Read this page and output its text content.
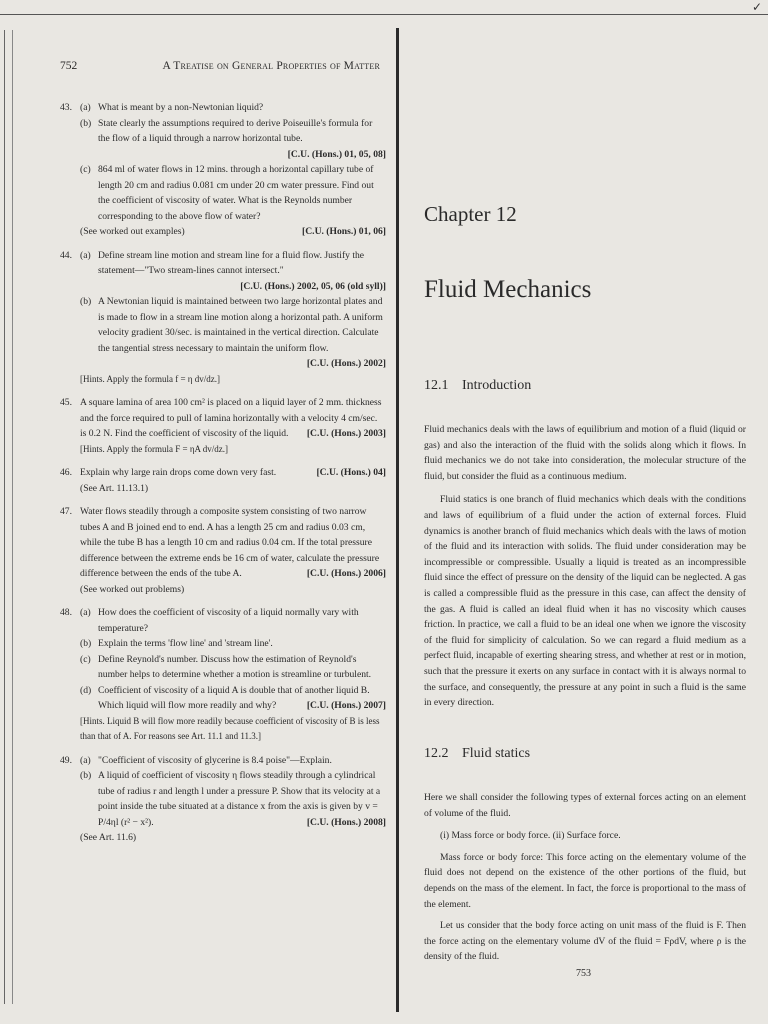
✓
752	A Treatise on General Properties of Matter
43. (a) What is meant by a non-Newtonian liquid?
(b) State clearly the assumptions required to derive Poiseuille's formula for the flow of a liquid through a narrow horizontal tube.
[C.U. (Hons.) 01, 05, 08]
(c) 864 ml of water flows in 12 mins. through a horizontal capillary tube of length 20 cm and radius 0.081 cm under 20 cm water pressure. Find out the coefficient of viscosity of water. What is the Reynolds number corresponding to the above flow of water?
(See worked out examples)	[C.U. (Hons.) 01, 06]
44. (a) Define stream line motion and stream line for a fluid flow. Justify the statement—"Two stream-lines cannot intersect."
[C.U. (Hons.) 2002, 05, 06 (old syll)]
(b) A Newtonian liquid is maintained between two large horizontal plates and is made to flow in a stream line motion along a horizontal path. A uniform velocity gradient 30/sec. is maintained in the vertical direction. Calculate the tangential stress necessary to maintain the uniform flow.
[C.U. (Hons.) 2002]
[Hints. Apply the formula f = η dv/dz.]
45. A square lamina of area 100 cm² is placed on a liquid layer of 2 mm. thickness and the force required to pull of lamina horizontally with a velocity 4 cm/sec. is 0.2 N. Find the coefficient of viscosity of the liquid. [C.U. (Hons.) 2003]
[Hints. Apply the formula F = ηA dv/dz.]
46. Explain why large rain drops come down very fast.	[C.U. (Hons.) 04]
(See Art. 11.13.1)
47. Water flows steadily through a composite system consisting of two narrow tubes A and B joined end to end. A has a length 25 cm and radius 0.03 cm, while the tube B has a length 10 cm and radius 0.04 cm. If the total pressure difference between the extreme ends be 16 cm of water, calculate the pressure difference between the ends of the tube A.	[C.U. (Hons.) 2006]
(See worked out problems)
48. (a) How does the coefficient of viscosity of a liquid normally vary with temperature?
(b) Explain the terms 'flow line' and 'stream line'.
(c) Define Reynold's number. Discuss how the estimation of Reynold's number helps to determine whether a motion is streamline or turbulent.
(d) Coefficient of viscosity of a liquid A is double that of another liquid B. Which liquid will flow more readily and why?	[C.U. (Hons.) 2007]
[Hints. Liquid B will flow more readily because coefficient of viscosity of B is less than that of A. For reasons see Art. 11.1 and 11.3.]
49. (a) "Coefficient of viscosity of glycerine is 8.4 poise"—Explain.
(b) A liquid of coefficient of viscosity η flows steadily through a cylindrical tube of radius r and length l under a pressure P. Show that its velocity at a point inside the tube situated at a distance x from the axis is given by v = P/4ηl (r² − x²).	[C.U. (Hons.) 2008]
(See Art. 11.6)
Chapter 12
Fluid Mechanics
12.1 Introduction

Fluid mechanics deals with the laws of equilibrium and motion of a fluid (liquid or gas) and also the interaction of the fluid with the solids along which it flows. In fluid mechanics we do not take into consideration, the molecular structure of the fluid, but consider the fluid as a continuous medium.

Fluid statics is one branch of fluid mechanics which deals with the conditions and laws of equilibrium of a fluid under the action of external forces. Fluid dynamics is another branch of fluid mechanics which deals with the laws of motion of the fluid and its interaction with solids. The fluid under consideration may be incompressible or compressible. Usually a liquid is treated as an incompressible fluid since the effect of pressure on the density of the liquid can be neglected. A gas is called a compressible fluid as the pressure in this case, can affect the density of the gas. A fluid is called an ideal fluid when it has no viscosity which causes friction. In practice, we call a fluid to be an ideal one when we ignore the viscosity of the fluid for simplicity of calculation. So we can regard a fluid medium as a perfect fluid, incapable of exerting shearing stress, and whether at rest or in motion, such that the pressure it exerts on any surface in contact with it is always normal to the surface, and consequently, the pressure at any point in such a fluid is the same in every direction.

12.2 Fluid statics

Here we shall consider the following types of external forces acting on an element of volume of the fluid.

(i) Mass force or body force. (ii) Surface force.

Mass force or body force: This force acting on the elementary volume of the fluid does not depend on the existence of the other portions of the fluid, but depends on the mass of the element. In fact, the force is proportional to the mass of the element.

Let us consider that the body force acting on unit mass of the fluid is F. Then the force acting on the elementary volume dV of the fluid = FρdV, where ρ is the density of the fluid.

753
